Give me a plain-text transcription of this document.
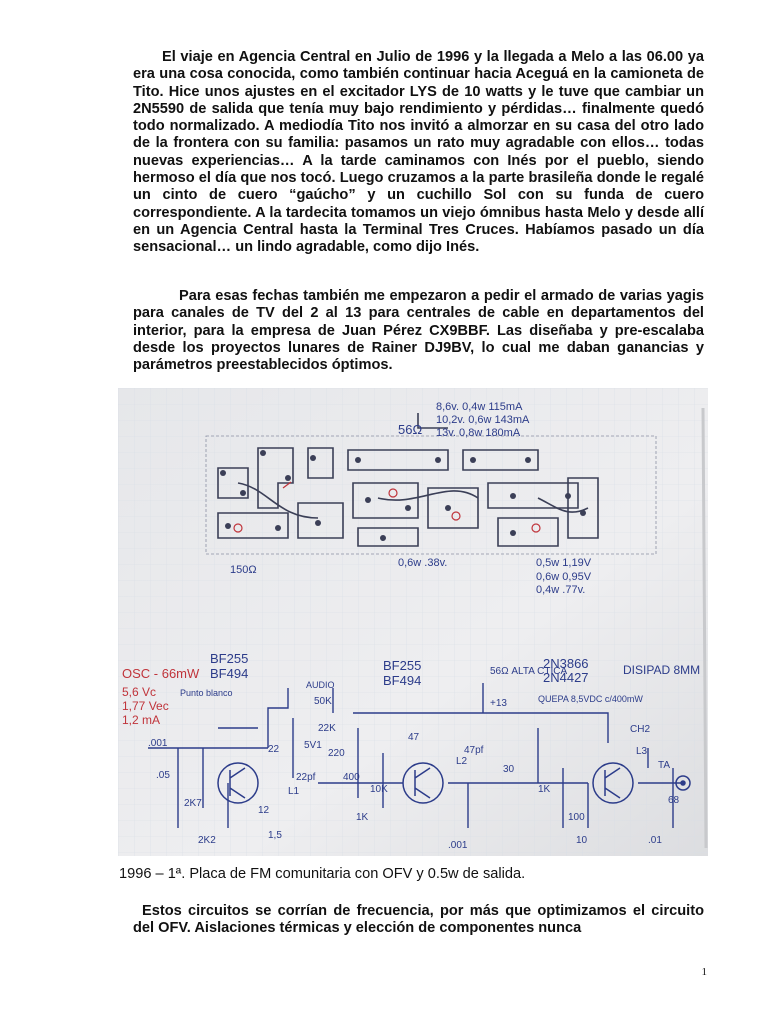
El viaje en Agencia Central en Julio de 1996 y la llegada a Melo a las 06.00 ya era una cosa conocida, como también continuar hacia Aceguá en la camioneta de Tito. Hice unos ajustes en el excitador LYS de 10 watts y le tuve que cambiar un 2N5590 de salida que tenía muy bajo rendimiento y pérdidas… finalmente quedó todo normalizado. A mediodía Tito nos invitó a almorzar en su casa del otro lado de la frontera con su familia: pasamos un rato muy agradable con ellos… todas nuevas experiencias… A la tarde caminamos con Inés por el pueblo, siendo hermoso el día que nos tocó. Luego cruzamos a la parte brasileña donde le regalé un cinto de cuero “gaúcho” y un cuchillo Sol con su funda de cuero correspondiente. A la tardecita tomamos un viejo ómnibus hasta Melo y desde allí en un Agencia Central hasta la Terminal Tres Cruces. Habíamos pasado un día sensacional… un lindo agradable, como dijo Inés.

Para esas fechas también me empezaron a pedir el armado de varias yagis para canales de TV del 2 al 13 para centrales de cable en departamentos del interior, para la empresa de Juan Pérez CX9BBF. Las diseñaba y pre-escalaba desde los proyectos lunares de Rainer DJ9BV, lo cual me daban ganancias y parámetros preestablecidos óptimos.

8,6v. 0,4w 115mA
10,2v. 0,6w 143mA
13v. 0,8w 180mA
56Ω
150Ω
0,6w .38v.	0,5w 1,19V
0,6w 0,95V
0,4w .77v.
BF255
BF494
BF255
BF494
2N3866
2N4427	DISIPAD 8MM
56Ω ALTA CTICA
QUEPA 8,5VDC c/400mW
AUDIO
Punto blanco
CH2
L3
L2
L1
TA
+13
10K	1K
1K
2K2
2K7
22K
220
100
.001
.001	.01
.05
22
22pf
47pf
10
68
30
12
1,5
5V1
400
50K
47
OSC - 66mW
5,6 Vc
1,77 Vec
1,2 mA

1996 – 1ª. Placa de FM comunitaria con OFV y 0.5w de salida.

Estos circuitos se corrían de frecuencia, por más que optimizamos el circuito del OFV. Aislaciones térmicas y elección de componentes nunca

1
